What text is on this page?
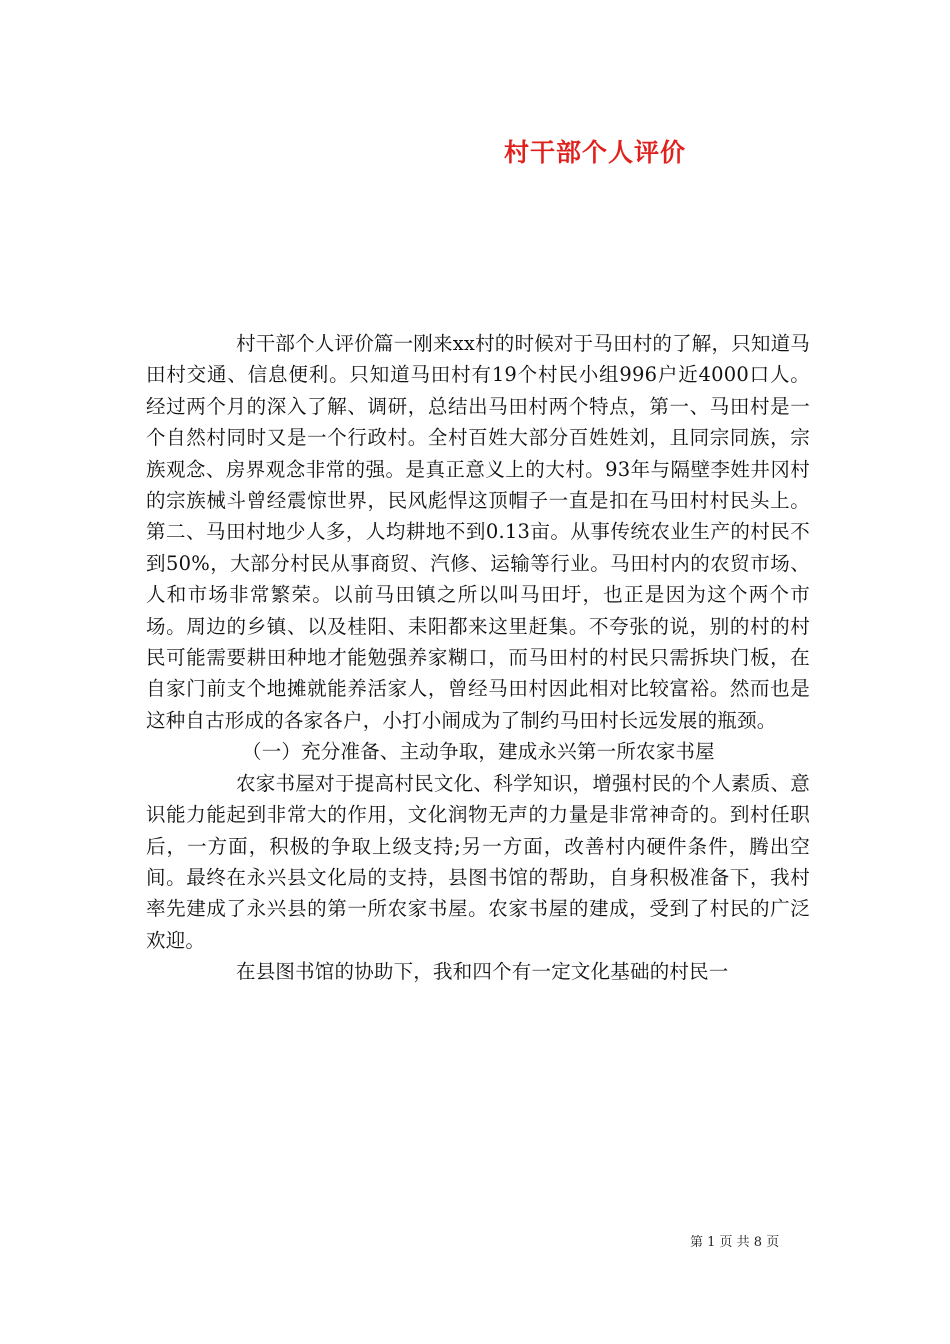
村干部个人评价

村干部个人评价篇一刚来xx村的时候对于马田村的了解，只知道马田村交通、信息便利。只知道马田村有19个村民小组996户近4000口人。经过两个月的深入了解、调研，总结出马田村两个特点，第一、马田村是一个自然村同时又是一个行政村。全村百姓大部分百姓姓刘，且同宗同族，宗族观念、房界观念非常的强。是真正意义上的大村。93年与隔壁李姓井冈村的宗族械斗曾经震惊世界，民风彪悍这顶帽子一直是扣在马田村村民头上。第二、马田村地少人多，人均耕地不到0.13亩。从事传统农业生产的村民不到50%，大部分村民从事商贸、汽修、运输等行业。马田村内的农贸市场、人和市场非常繁荣。以前马田镇之所以叫马田圩，也正是因为这个两个市场。周边的乡镇、以及桂阳、耒阳都来这里赶集。不夸张的说，别的村的村民可能需要耕田种地才能勉强养家糊口，而马田村的村民只需拆块门板，在自家门前支个地摊就能养活家人，曾经马田村因此相对比较富裕。然而也是这种自古形成的各家各户，小打小闹成为了制约马田村长远发展的瓶颈。

（一）充分准备、主动争取，建成永兴第一所农家书屋

农家书屋对于提高村民文化、科学知识，增强村民的个人素质、意识能力能起到非常大的作用，文化润物无声的力量是非常神奇的。到村任职后，一方面，积极的争取上级支持;另一方面，改善村内硬件条件，腾出空间。最终在永兴县文化局的支持，县图书馆的帮助，自身积极准备下，我村率先建成了永兴县的第一所农家书屋。农家书屋的建成，受到了村民的广泛欢迎。

在县图书馆的协助下，我和四个有一定文化基础的村民一

第 1 页 共 8 页
